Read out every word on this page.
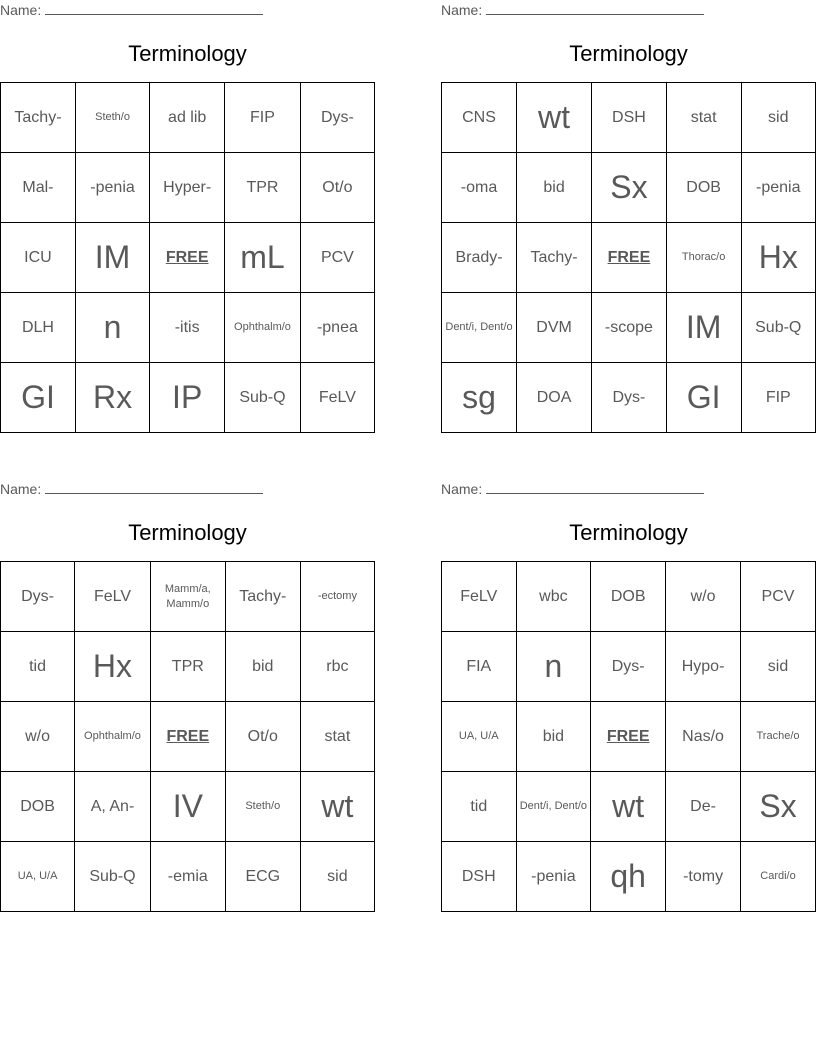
Name:
Terminology
Tachy-	Steth/o	ad lib	FIP	Dys-
Mal-	-penia	Hyper-	TPR	Ot/o
ICU	IM	FREE	mL	PCV
DLH	n	-itis	Ophthalm/o	-pnea
GI	Rx	IP	Sub-Q	FeLV
Name:
Terminology
CNS	wt	DSH	stat	sid
-oma	bid	Sx	DOB	-penia
Brady-	Tachy-	FREE	Thorac/o	Hx
Dent/i, Dent/o	DVM	-scope	IM	Sub-Q
sg	DOA	Dys-	GI	FIP
Name:
Terminology
Dys-	FeLV	Mamm/a, Mamm/o	Tachy-	-ectomy
tid	Hx	TPR	bid	rbc
w/o	Ophthalm/o	FREE	Ot/o	stat
DOB	A, An-	IV	Steth/o	wt
UA, U/A	Sub-Q	-emia	ECG	sid
Name:
Terminology
FeLV	wbc	DOB	w/o	PCV
FIA	n	Dys-	Hypo-	sid
UA, U/A	bid	FREE	Nas/o	Trache/o
tid	Dent/i, Dent/o	wt	De-	Sx
DSH	-penia	qh	-tomy	Cardi/o
